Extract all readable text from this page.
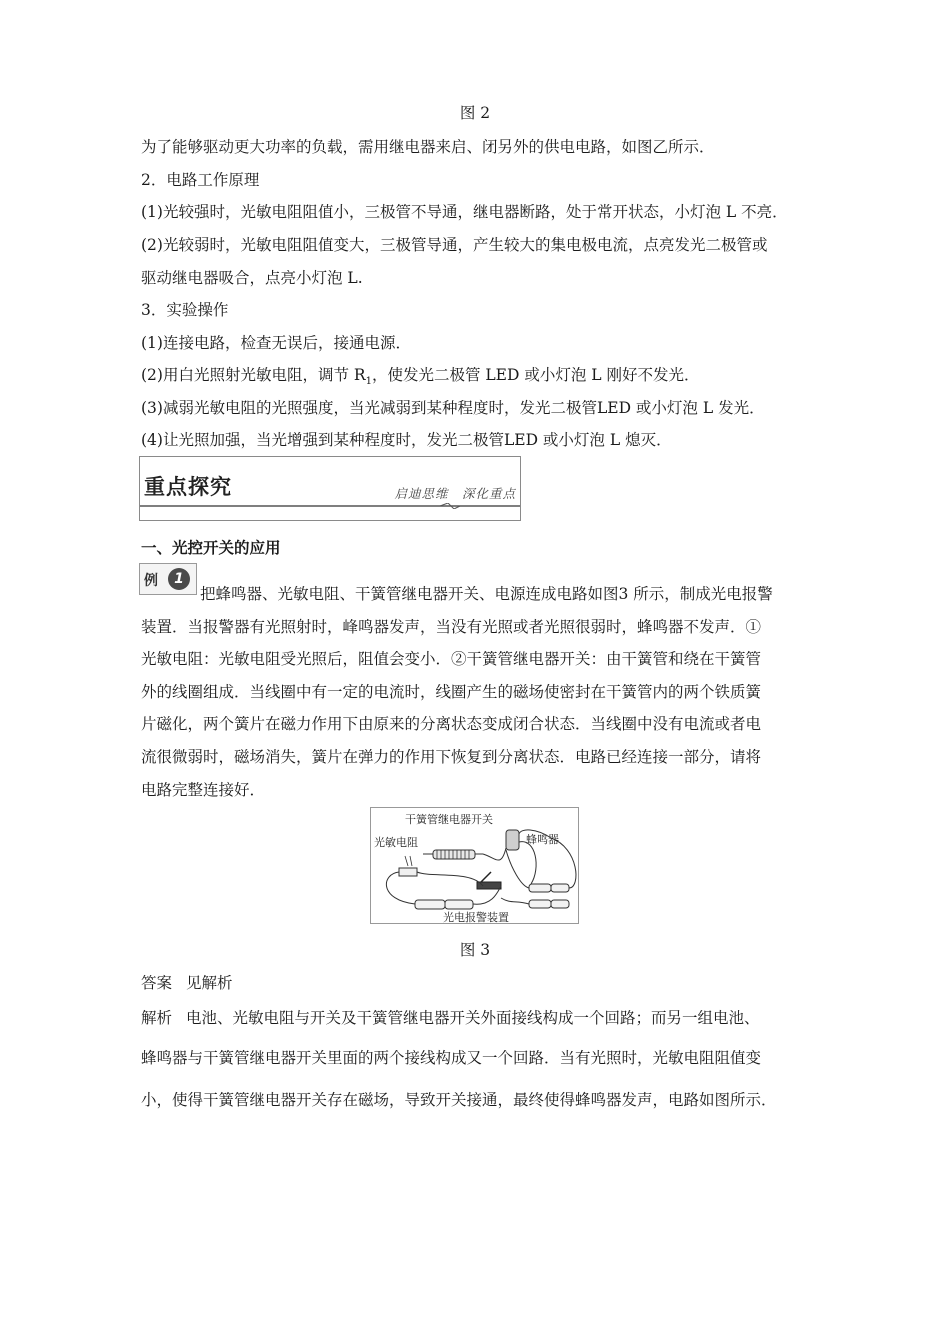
图 2
为了能够驱动更大功率的负载，需用继电器来启、闭另外的供电电路，如图乙所示．
2．电路工作原理
(1)光较强时，光敏电阻阻值小，三极管不导通，继电器断路，处于常开状态，小灯泡 L 不亮．
(2)光较弱时，光敏电阻阻值变大，三极管导通，产生较大的集电极电流，点亮发光二极管或
驱动继电器吸合，点亮小灯泡 L.
3．实验操作
(1)连接电路，检查无误后，接通电源．
(2)用白光照射光敏电阻，调节 $R_1$，使发光二极管 LED 或小灯泡 L 刚好不发光．
(3)减弱光敏电阻的光照强度，当光减弱到某种程度时，发光二极管LED 或小灯泡 L 发光．
(4)让光照加强，当光增强到某种程度时，发光二极管LED 或小灯泡 L 熄灭．
重点探究	启迪思维　深化重点
一、光控开关的应用
例	1
把蜂鸣器、光敏电阻、干簧管继电器开关、电源连成电路如图3 所示，制成光电报警
装置．当报警器有光照射时，峰鸣器发声，当没有光照或者光照很弱时，蜂鸣器不发声．①
光敏电阻：光敏电阻受光照后，阻值会变小．②干簧管继电器开关：由干簧管和绕在干簧管
外的线圈组成．当线圈中有一定的电流时，线圈产生的磁场使密封在干簧管内的两个铁质簧
片磁化，两个簧片在磁力作用下由原来的分离状态变成闭合状态．当线圈中没有电流或者电
流很微弱时，磁场消失，簧片在弹力的作用下恢复到分离状态．电路已经连接一部分，请将
电路完整连接好．
干簧管继电器开关
光敏电阻	蜂鸣器
光电报警装置
图 3
答案 见解析
解析 电池、光敏电阻与开关及干簧管继电器开关外面接线构成一个回路；而另一组电池、
蜂鸣器与干簧管继电器开关里面的两个接线构成又一个回路．当有光照时，光敏电阻阻值变
小，使得干簧管继电器开关存在磁场，导致开关接通，最终使得蜂鸣器发声，电路如图所示．
